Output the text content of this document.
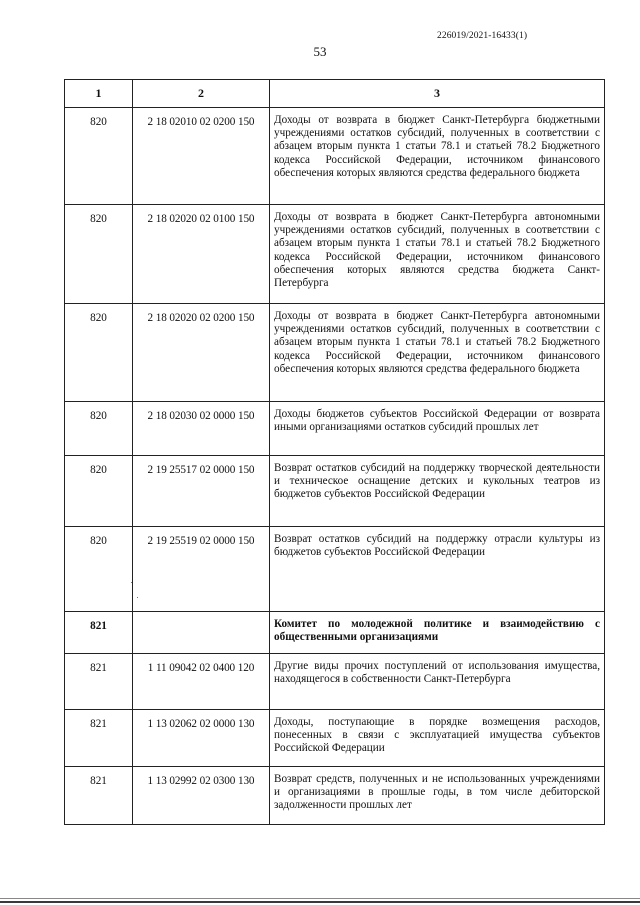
226019/2021-16433(1)
53
1	2	3
820	2 18 02010 02 0200 150	Доходы от возврата в бюджет Санкт-Петербурга бюджетными учреждениями остатков субсидий, полученных в соответствии с абзацем вторым пункта 1 статьи 78.1 и статьей 78.2 Бюджетного кодекса Российской Федерации, источником финансового обеспечения которых являются средства федерального бюджета
820	2 18 02020 02 0100 150	Доходы от возврата в бюджет Санкт-Петербурга автономными учреждениями остатков субсидий, полученных в соответствии с абзацем вторым пункта 1 статьи 78.1 и статьей 78.2 Бюджетного кодекса Российской Федерации, источником финансового обеспечения которых являются средства бюджета Санкт-Петербурга
820	2 18 02020 02 0200 150	Доходы от возврата в бюджет Санкт-Петербурга автономными учреждениями остатков субсидий, полученных в соответствии с абзацем вторым пункта 1 статьи 78.1 и статьей 78.2 Бюджетного кодекса Российской Федерации, источником финансового обеспечения которых являются средства федерального бюджета
820	2 18 02030 02 0000 150	Доходы бюджетов субъектов Российской Федерации от возврата иными организациями остатков субсидий прошлых лет
820	2 19 25517 02 0000 150	Возврат остатков субсидий на поддержку творческой деятельности и техническое оснащение детских и кукольных театров из бюджетов субъектов Российской Федерации
820	2 19 25519 02 0000 150	Возврат остатков субсидий на поддержку отрасли культуры из бюджетов субъектов Российской Федерации
821		Комитет по молодежной политике и взаимодействию с общественными организациями
821	1 11 09042 02 0400 120	Другие виды прочих поступлений от использования имущества, находящегося в собственности Санкт-Петербурга
821	1 13 02062 02 0000 130	Доходы, поступающие в порядке возмещения расходов, понесенных в связи с эксплуатацией имущества субъектов Российской Федерации
821	1 13 02992 02 0300 130	Возврат средств, полученных и не использованных учреждениями и организациями в прошлые годы, в том числе дебиторской задолженности прошлых лет
